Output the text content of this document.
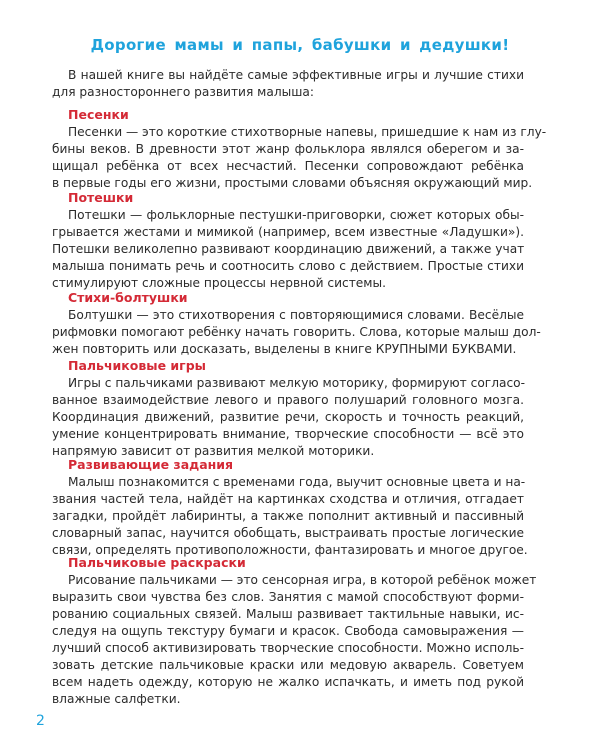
Дорогие мамы и папы, бабушки и дедушки!
В нашей книге вы найдёте самые эффективные игры и лучшие стихи
для разностороннего развития малыша:
Песенки
Песенки — это короткие стихотворные напевы, пришедшие к нам из глу-
бины веков. В древности этот жанр фольклора являлся оберегом и за-
щищал ребёнка от всех несчастий. Песенки сопровождают ребёнка
в первые годы его жизни, простыми словами объясняя окружающий мир.
Потешки
Потешки — фольклорные пестушки-приговорки, сюжет которых обы-
грывается жестами и мимикой (например, всем известные «Ладушки»).
Потешки великолепно развивают координацию движений, а также учат
малыша понимать речь и соотносить слово с действием. Простые стихи
стимулируют сложные процессы нервной системы.
Стихи-болтушки
Болтушки — это стихотворения с повторяющимися словами. Весёлые
рифмовки помогают ребёнку начать говорить. Слова, которые малыш дол-
жен повторить или досказать, выделены в книге КРУПНЫМИ БУКВАМИ.
Пальчиковые игры
Игры с пальчиками развивают мелкую моторику, формируют согласо-
ванное взаимодействие левого и правого полушарий головного мозга.
Координация движений, развитие речи, скорость и точность реакций,
умение концентрировать внимание, творческие способности — всё это
напрямую зависит от развития мелкой моторики.
Развивающие задания
Малыш познакомится с временами года, выучит основные цвета и на-
звания частей тела, найдёт на картинках сходства и отличия, отгадает
загадки, пройдёт лабиринты, а также пополнит активный и пассивный
словарный запас, научится обобщать, выстраивать простые логические
связи, определять противоположности, фантазировать и многое другое.
Пальчиковые раскраски
Рисование пальчиками — это сенсорная игра, в которой ребёнок может
выразить свои чувства без слов. Занятия с мамой способствуют форми-
рованию социальных связей. Малыш развивает тактильные навыки, ис-
следуя на ощупь текстуру бумаги и красок. Свобода самовыражения —
лучший способ активизировать творческие способности. Можно исполь-
зовать детские пальчиковые краски или медовую акварель. Советуем
всем надеть одежду, которую не жалко испачкать, и иметь под рукой
влажные салфетки.
2
